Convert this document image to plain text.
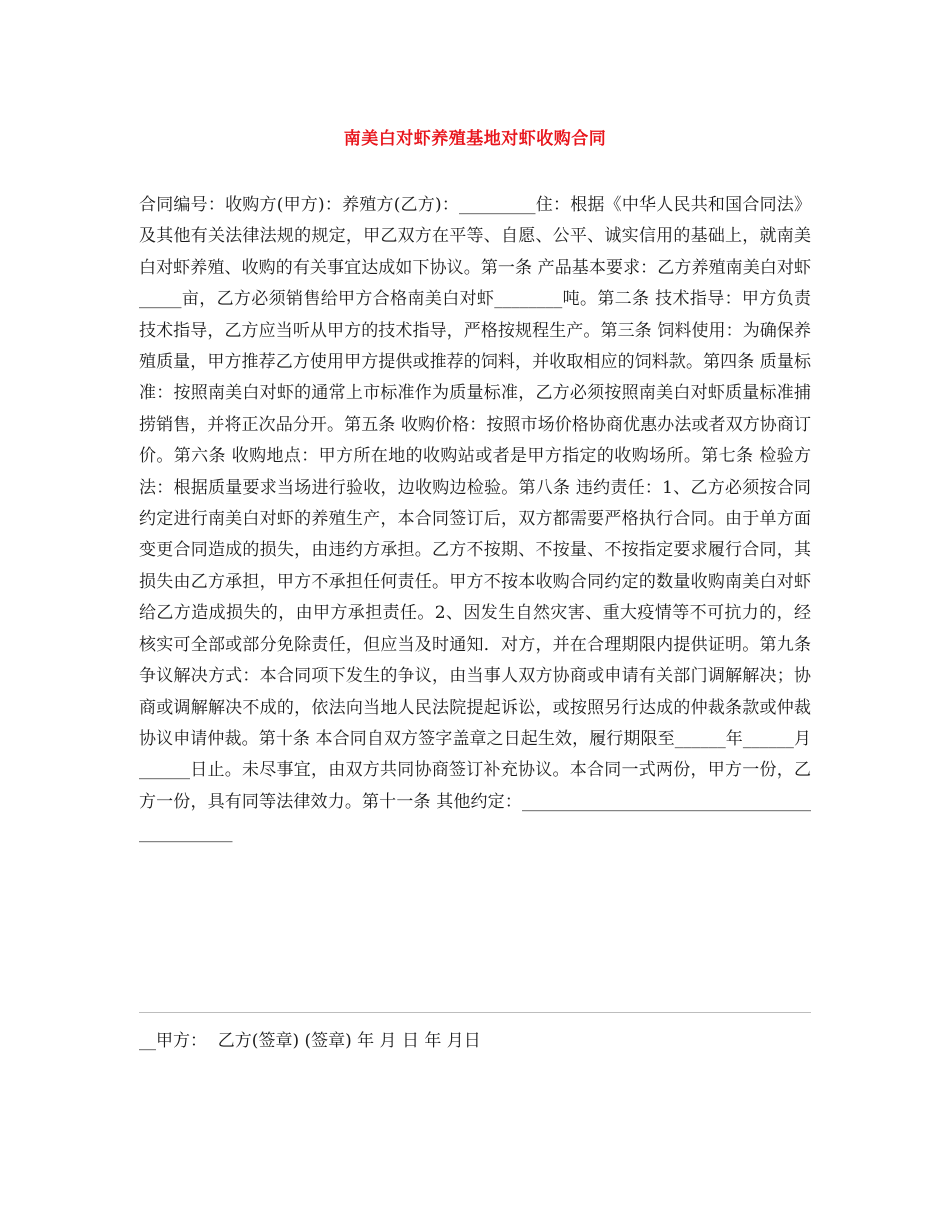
南美白对虾养殖基地对虾收购合同
合同编号：收购方(甲方)：养殖方(乙方)：_________住：根据《中华人民共和国合同法》及其他有关法律法规的规定，甲乙双方在平等、自愿、公平、诚实信用的基础上，就南美白对虾养殖、收购的有关事宜达成如下协议。第一条 产品基本要求：乙方养殖南美白对虾_____亩，乙方必须销售给甲方合格南美白对虾________吨。第二条 技术指导：甲方负责技术指导，乙方应当听从甲方的技术指导，严格按规程生产。第三条 饲料使用：为确保养殖质量，甲方推荐乙方使用甲方提供或推荐的饲料，并收取相应的饲料款。第四条 质量标准：按照南美白对虾的通常上市标准作为质量标准，乙方必须按照南美白对虾质量标准捕捞销售，并将正次品分开。第五条 收购价格：按照市场价格协商优惠办法或者双方协商订价。第六条 收购地点：甲方所在地的收购站或者是甲方指定的收购场所。第七条 检验方法：根据质量要求当场进行验收，边收购边检验。第八条 违约责任：1、乙方必须按合同约定进行南美白对虾的养殖生产，本合同签订后，双方都需要严格执行合同。由于单方面变更合同造成的损失，由违约方承担。乙方不按期、不按量、不按指定要求履行合同，其损失由乙方承担，甲方不承担任何责任。甲方不按本收购合同约定的数量收购南美白对虾给乙方造成损失的，由甲方承担责任。2、因发生自然灾害、重大疫情等不可抗力的，经核实可全部或部分免除责任，但应当及时通知．对方，并在合理期限内提供证明。第九条 争议解决方式：本合同项下发生的争议，由当事人双方协商或申请有关部门调解解决；协商或调解解决不成的，依法向当地人民法院提起诉讼，或按照另行达成的仲裁条款或仲裁协议申请仲裁。第十条 本合同自双方签字盖章之日起生效，履行期限至______年______月______日止。未尽事宜，由双方共同协商签订补充协议。本合同一式两份，甲方一份，乙方一份，具有同等法律效力。第十一条 其他约定：_____________________________________________
__甲方：  乙方(签章) (签章) 年 月 日 年 月日
